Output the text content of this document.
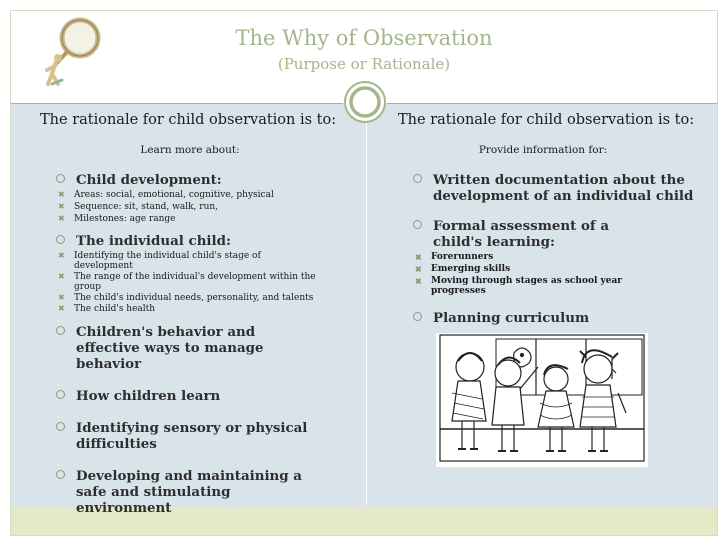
The Why of Observation
(Purpose or Rationale)
The rationale for child observation is to:
Learn more about:
Child development:
✖ Areas: social, emotional, cognitive, physical
✖ Sequence: sit, stand, walk, run,
✖ Milestones: age range
The individual child:
✖ Identifying the individual child's stage of development
✖ The range of the individual's development within the group
✖ The child's individual needs, personality, and talents
✖ The child's health
Children's behavior and effective ways to manage behavior
How children learn
Identifying sensory or physical difficulties
Developing and maintaining a safe and stimulating environment
The rationale for child observation is to:
Provide information for:
Written documentation about the development of an individual child
Formal assessment of a child's learning:
✖ Forerunners
✖ Emerging skills
✖ Moving through stages as school year progresses
Planning curriculum
